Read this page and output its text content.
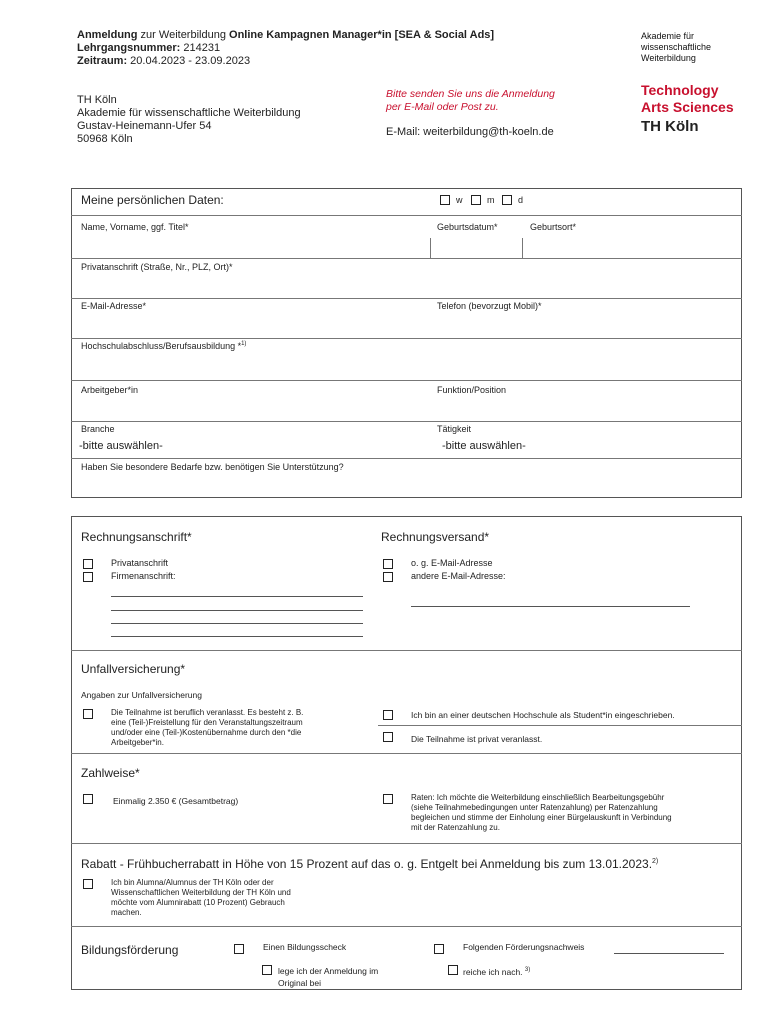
Anmeldung zur Weiterbildung Online Kampagnen Manager*in [SEA & Social Ads]
Lehrgangsnummer: 214231
Zeitraum: 20.04.2023 - 23.09.2023
Akademie für
wissenschaftliche
Weiterbildung
Technology
Arts Sciences
TH Köln
TH Köln
Akademie für wissenschaftliche Weiterbildung
Gustav-Heinemann-Ufer 54
50968 Köln
Bitte senden Sie uns die Anmeldung
per E-Mail oder Post zu.
E-Mail: weiterbildung@th-koeln.de
Meine persönlichen Daten:	w	m	d
Name, Vorname, ggf. Titel*	Geburtsdatum*	Geburtsort*
Privatanschrift (Straße, Nr., PLZ, Ort)*
E-Mail-Adresse*	Telefon (bevorzugt Mobil)*
Hochschulabschluss/Berufsausbildung *$^{1)}$
Arbeitgeber*in	Funktion/Position
Branche	Tätigkeit
-bitte auswählen-	-bitte auswählen-
Haben Sie besondere Bedarfe bzw. benötigen Sie Unterstützung?
Rechnungsanschrift*
Privatanschrift
Firmenanschrift:
Rechnungsversand*
o. g. E-Mail-Adresse
andere E-Mail-Adresse:
Unfallversicherung*
Angaben zur Unfallversicherung
Die Teilnahme ist beruflich veranlasst. Es besteht z. B.
eine (Teil-)Freistellung für den Veranstaltungszeitraum
und/oder eine (Teil-)Kostenübernahme durch den *die
Arbeitgeber*in.
Ich bin an einer deutschen Hochschule als Student*in eingeschrieben.
Die Teilnahme ist privat veranlasst.
Zahlweise*
Einmalig 2.350 € (Gesamtbetrag)	Raten: Ich möchte die Weiterbildung einschließlich Bearbeitungsgebühr
(siehe Teilnahmebedingungen unter Ratenzahlung) per Ratenzahlung
begleichen und stimme der Einholung einer Bürgelauskunft in Verbindung
mit der Ratenzahlung zu.
Rabatt - Frühbucherrabatt in Höhe von 15 Prozent auf das o. g. Entgelt bei Anmeldung bis zum 13.01.2023.$^{2)}$
Ich bin Alumna/Alumnus der TH Köln oder der
Wissenschaftlichen Weiterbildung der TH Köln und
möchte vom Alumnirabatt (10 Prozent) Gebrauch
machen.
Bildungsförderung	Einen Bildungsscheck
lege ich der Anmeldung im
Original bei
Folgenden Förderungsnachweis
reiche ich nach. $^{3)}$
